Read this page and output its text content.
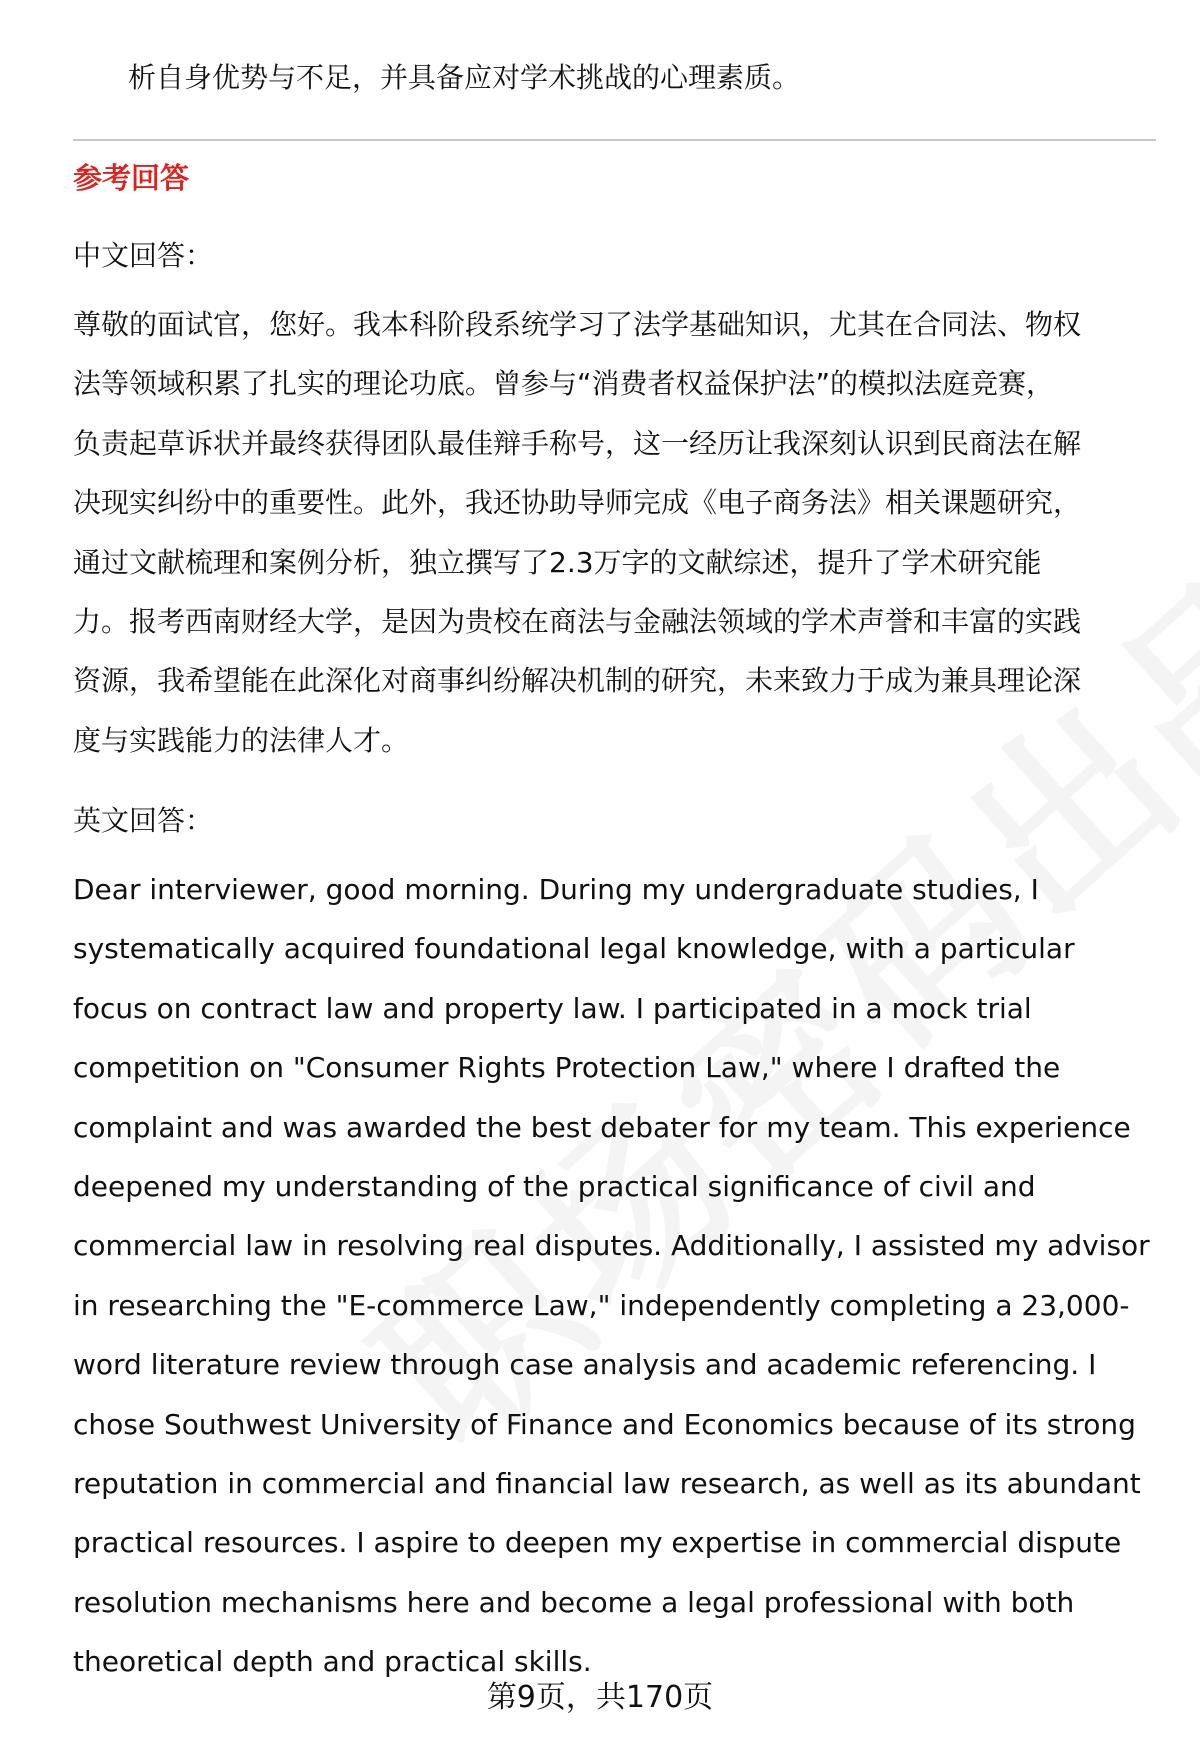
析自身优势与不足，并具备应对学术挑战的心理素质。
参考回答
中文回答：
尊敬的面试官，您好。我本科阶段系统学习了法学基础知识，尤其在合同法、物权
法等领域积累了扎实的理论功底。曾参与“消费者权益保护法”的模拟法庭竞赛，
负责起草诉状并最终获得团队最佳辩手称号，这一经历让我深刻认识到民商法在解
决现实纠纷中的重要性。此外，我还协助导师完成《电子商务法》相关课题研究，
通过文献梳理和案例分析，独立撰写了2.3万字的文献综述，提升了学术研究能
力。报考西南财经大学，是因为贵校在商法与金融法领域的学术声誉和丰富的实践
资源，我希望能在此深化对商事纠纷解决机制的研究，未来致力于成为兼具理论深
度与实践能力的法律人才。
英文回答：
Dear interviewer, good morning. During my undergraduate studies, I
systematically acquired foundational legal knowledge, with a particular
focus on contract law and property law. I participated in a mock trial
competition on "Consumer Rights Protection Law," where I drafted the
complaint and was awarded the best debater for my team. This experience
deepened my understanding of the practical significance of civil and
commercial law in resolving real disputes. Additionally, I assisted my advisor
in researching the "E-commerce Law," independently completing a 23,000-
word literature review through case analysis and academic referencing. I
chose Southwest University of Finance and Economics because of its strong
reputation in commercial and financial law research, as well as its abundant
practical resources. I aspire to deepen my expertise in commercial dispute
resolution mechanisms here and become a legal professional with both
theoretical depth and practical skills.
第9页，共170页
